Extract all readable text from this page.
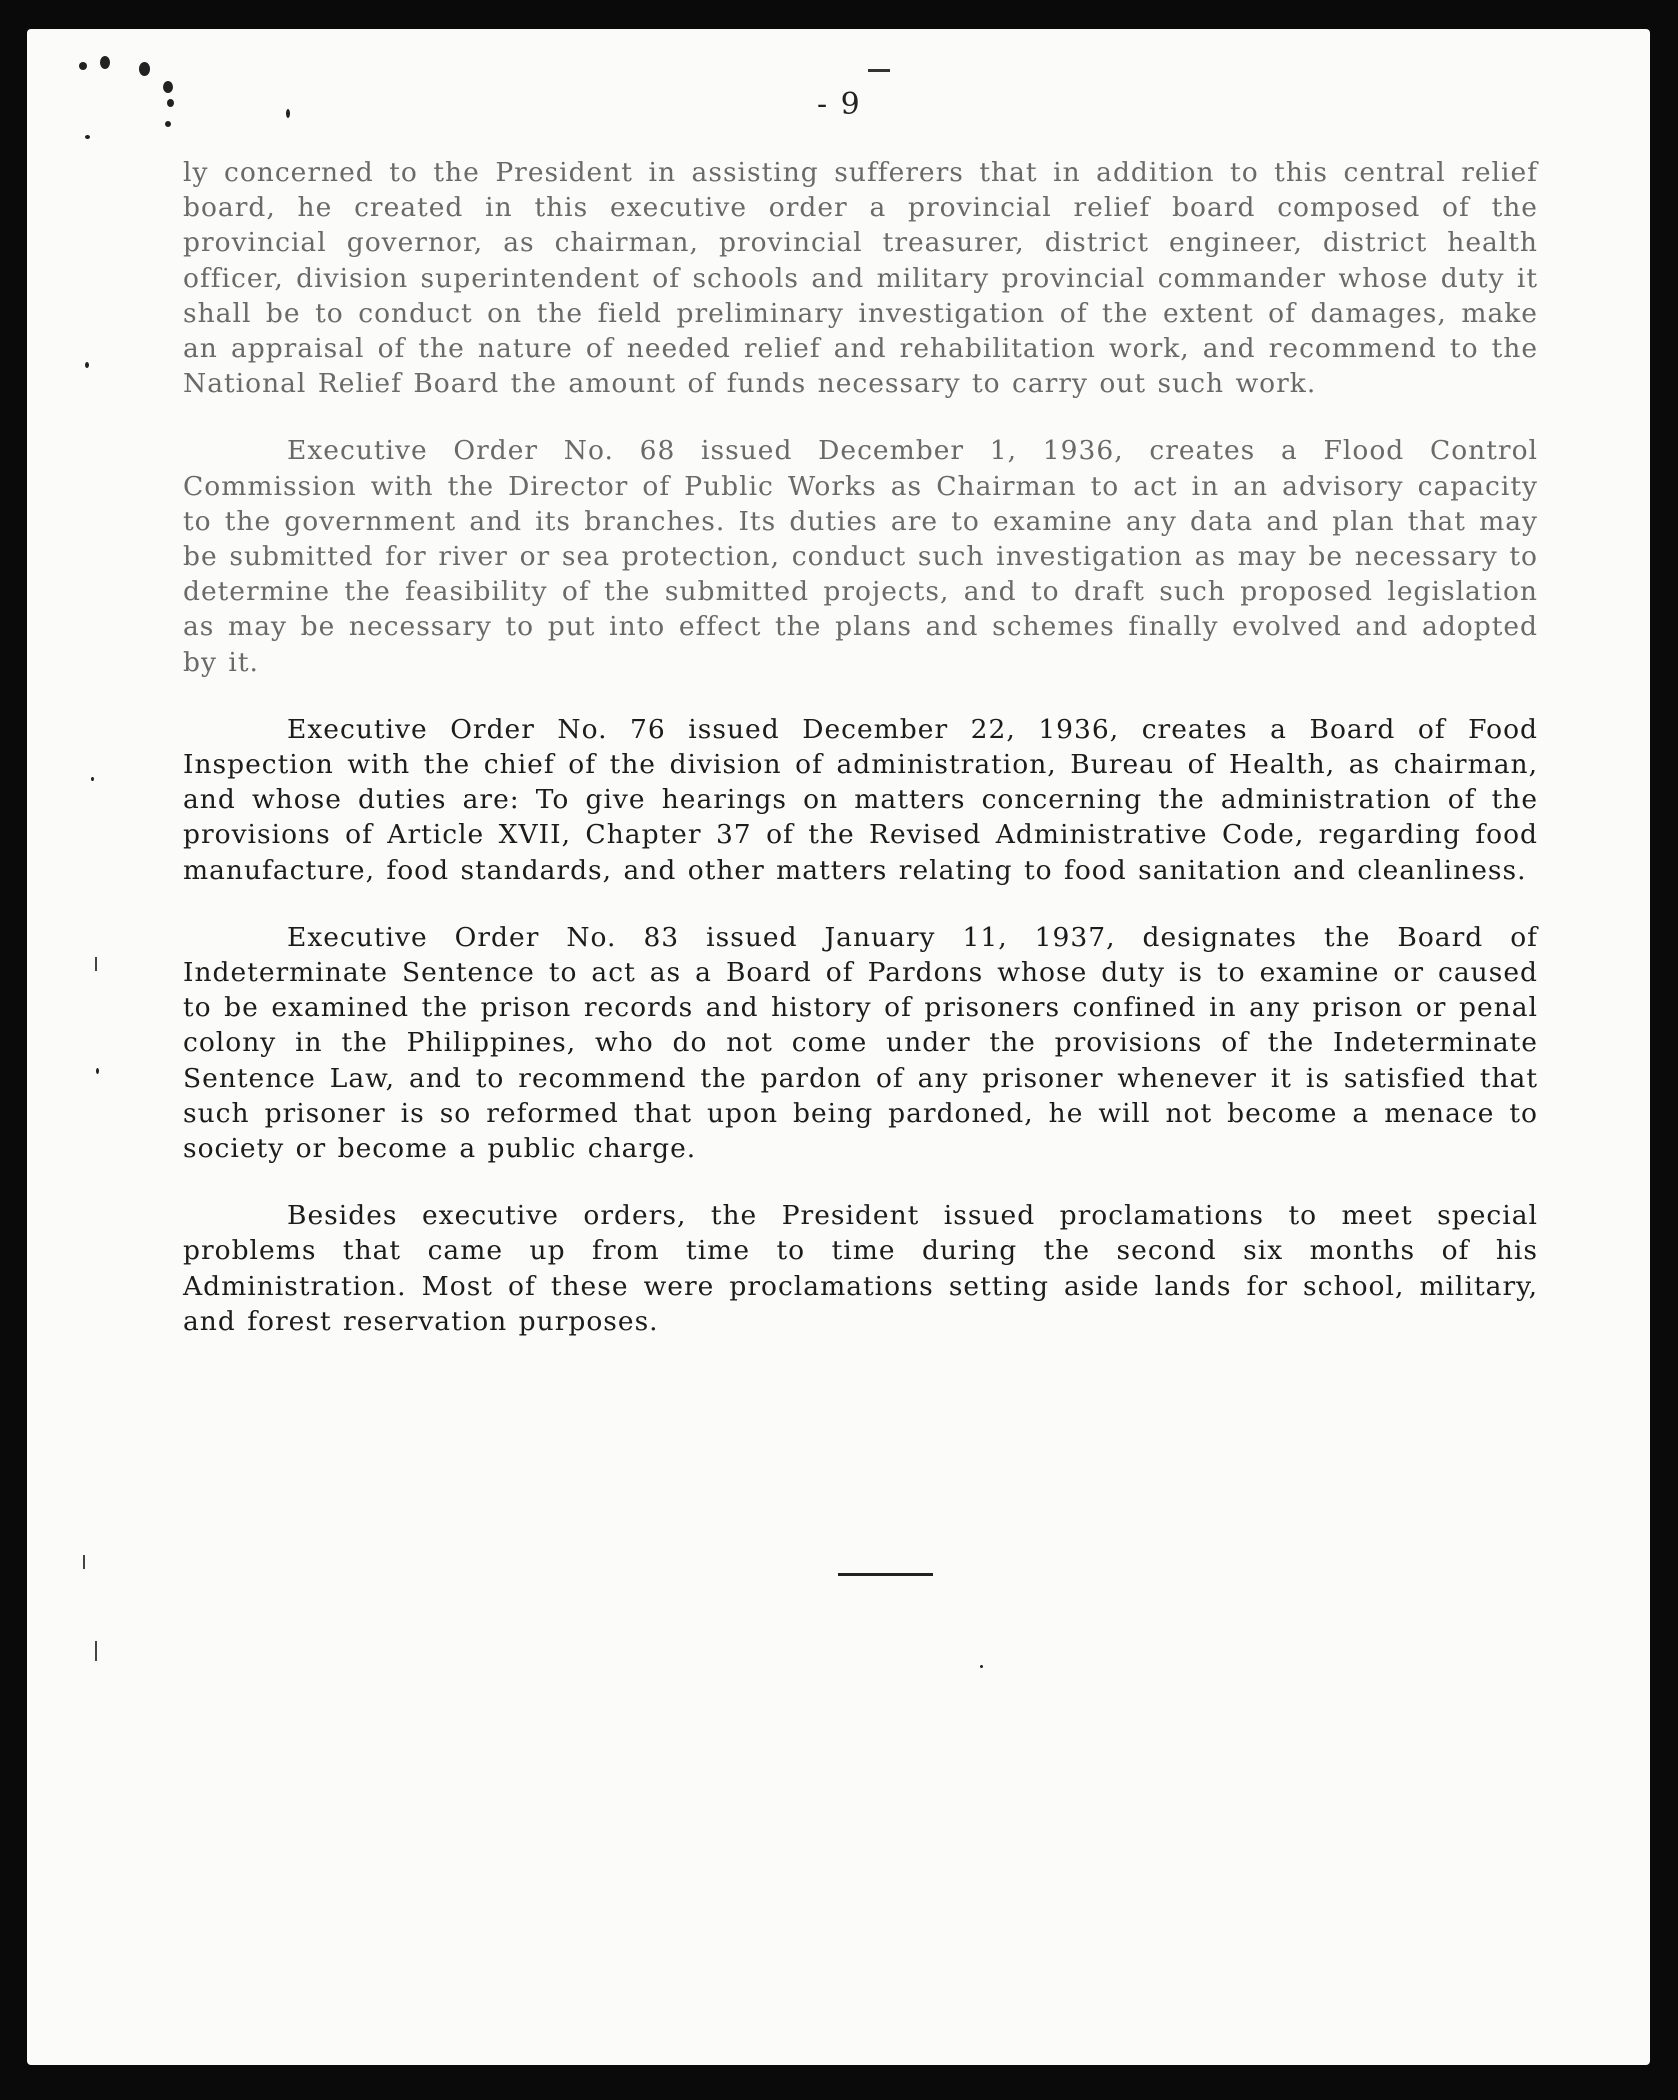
- 9

ly concerned to the President in assisting sufferers that in addition to this central relief board, he created in this executive order a provincial relief board composed of the provincial governor, as chairman, provincial treasurer, district engineer, district health officer, division superintendent of schools and military provincial commander whose duty it shall be to conduct on the field preliminary investigation of the extent of damages, make an appraisal of the nature of needed relief and rehabilitation work, and recommend to the National Relief Board the amount of funds necessary to carry out such work.

Executive Order No. 68 issued December 1, 1936, creates a Flood Control Commission with the Director of Public Works as Chairman to act in an advisory capacity to the government and its branches. Its duties are to examine any data and plan that may be submitted for river or sea protection, conduct such investigation as may be necessary to determine the feasibility of the submitted projects, and to draft such proposed legislation as may be necessary to put into effect the plans and schemes finally evolved and adopted by it.

Executive Order No. 76 issued December 22, 1936, creates a Board of Food Inspection with the chief of the division of administration, Bureau of Health, as chairman, and whose duties are: To give hearings on matters concerning the administration of the provisions of Article XVII, Chapter 37 of the Revised Administrative Code, regarding food manufacture, food standards, and other matters relating to food sanitation and cleanliness.

Executive Order No. 83 issued January 11, 1937, designates the Board of Indeterminate Sentence to act as a Board of Pardons whose duty is to examine or caused to be examined the prison records and history of prisoners confined in any prison or penal colony in the Philippines, who do not come under the provisions of the Indeterminate Sentence Law, and to recommend the pardon of any prisoner whenever it is satisfied that such prisoner is so reformed that upon being pardoned, he will not become a menace to society or become a public charge.

Besides executive orders, the President issued proclamations to meet special problems that came up from time to time during the second six months of his Administration. Most of these were proclamations setting aside lands for school, military, and forest reservation purposes.
